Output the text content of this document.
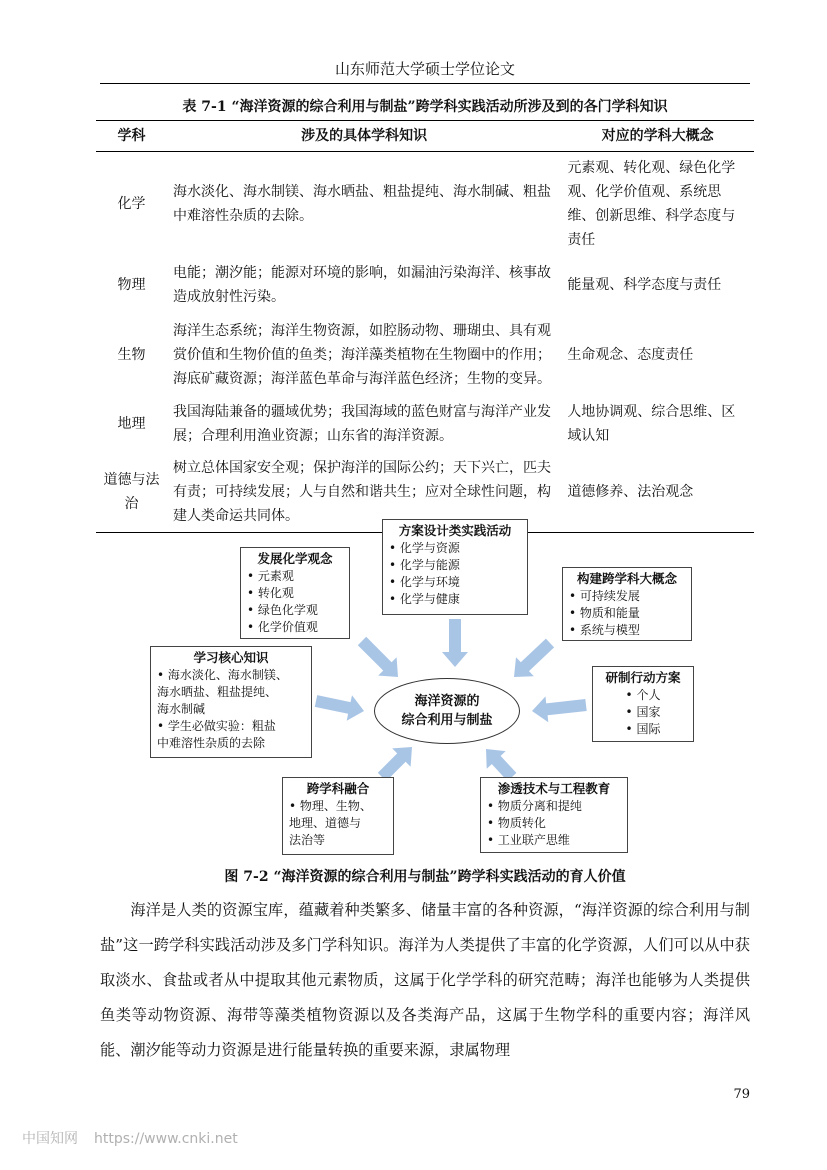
山东师范大学硕士学位论文
表 7-1 “海洋资源的综合利用与制盐”跨学科实践活动所涉及到的各门学科知识
学科	涉及的具体学科知识	对应的学科大概念
化学	海水淡化、海水制镁、海水晒盐、粗盐提纯、海水制碱、粗盐中难溶性杂质的去除。	元素观、转化观、绿色化学观、化学价值观、系统思维、创新思维、科学态度与责任
物理	电能；潮汐能；能源对环境的影响，如漏油污染海洋、核事故造成放射性污染。	能量观、科学态度与责任
生物	海洋生态系统；海洋生物资源，如腔肠动物、珊瑚虫、具有观赏价值和生物价值的鱼类；海洋藻类植物在生物圈中的作用；海底矿藏资源；海洋蓝色革命与海洋蓝色经济；生物的变异。	生命观念、态度责任
地理	我国海陆兼备的疆域优势；我国海域的蓝色财富与海洋产业发展；合理利用渔业资源；山东省的海洋资源。	人地协调观、综合思维、区域认知
道德与法治	树立总体国家安全观；保护海洋的国际公约；天下兴亡，匹夫有责；可持续发展；人与自然和谐共生；应对全球性问题，构建人类命运共同体。	道德修养、法治观念
方案设计类实践活动
• 化学与资源
• 化学与能源
• 化学与环境
• 化学与健康
发展化学观念
• 元素观
• 转化观
• 绿色化学观
• 化学价值观
构建跨学科大概念
• 可持续发展
• 物质和能量
• 系统与模型
学习核心知识
• 海水淡化、海水制镁、
海水晒盐、粗盐提纯、
海水制碱
• 学生必做实验：粗盐
中难溶性杂质的去除
研制行动方案
• 个人
• 国家
• 国际
跨学科融合
• 物理、生物、
地理、道德与
法治等
渗透技术与工程教育
• 物质分离和提纯
• 物质转化
• 工业联产思维
海洋资源的
综合利用与制盐
图 7-2 “海洋资源的综合利用与制盐”跨学科实践活动的育人价值

海洋是人类的资源宝库，蕴藏着种类繁多、储量丰富的各种资源，“海洋资源的综合利用与制盐”这一跨学科实践活动涉及多门学科知识。海洋为人类提供了丰富的化学资源，人们可以从中获取淡水、食盐或者从中提取其他元素物质，这属于化学学科的研究范畴；海洋也能够为人类提供鱼类等动物资源、海带等藻类植物资源以及各类海产品，这属于生物学科的重要内容；海洋风能、潮汐能等动力资源是进行能量转换的重要来源，隶属物理

79
中国知网 https://www.cnki.net
